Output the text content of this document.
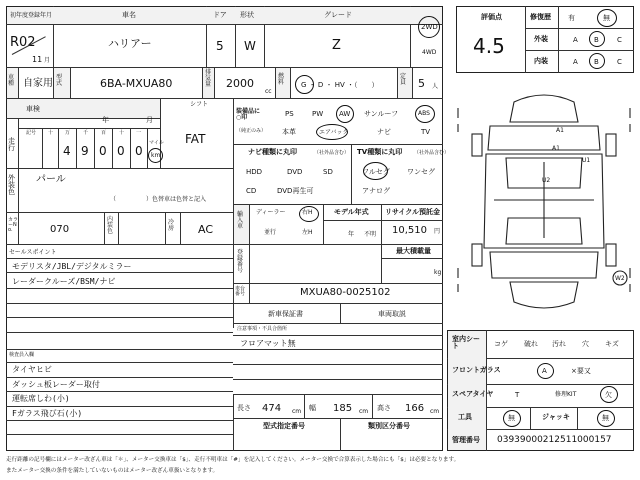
初年度登録年月	車名	ドア 形状	グレード
R02
11 月
ハリアー	5 W	Z
2WD
4WD
車種 自家用
型式	6BA-MXUA80
排気量 2000
cc
燃料 G ・ D ・ HV ・（　　）
定員 5 人
車検
年	月
シフト
FAT
記号 十 万	千	百	十 一
4 9 0 0 0
マイル
km
走行
外装色
パール
（　　　　　）色替車は色替と記入
カラーNo.	070
内装色
冷房 AC
装備品に○印
（純正のみ）
PS	PW AW サンルーフ	ABS
本革	エアバック	ナビ	TV
ナビ種類に丸印	（社外品含む）
HDD	DVD	SD
CD	DVD再生可
TV種類に丸印 （社外品含む）
フルセグ ワンセグ
アナログ
輸入車
ディーラー	右H
並行	左H
モデル年式
年 不明
リサイクル預託金
10,510 円
登録番号
最大積載量
kg
セールスポイント
モデリスタ/JBL/デジタルミラー
レーダークルーズ/BSM/ナビ
車台番号	MXUA80-0025102
新車保証書	車両取説
注意事項・不具合箇所
フロアマット無
検査員入欄
タイヤヒビ
ダッシュ板レーダー取付
運転席しわ(小)
Fガラス飛び石(小)
長さ 474 cm 幅 185 cm 高さ 166 cm
型式指定番号	類別区分番号
評価点
4.5
修復歴 有	無
外装	A B	C
内装	A B	C
A1
A1
U1
U2
W2
室内シート	コゲ 破れ 汚れ 穴 キズ
フロントガラス	A	×要又
スペアタイヤ	T	修理KIT	欠
工具	無	ジャッキ	無
管理番号 03939000212511000157
走行距離の記号欄にはメーター改ざん車は「＊」、メーター交換車は「$」、走行不明車は「#」を記入してください。メーター交換で合算表示した場合にも「$」は必要となります。
またメーター交換の条件を満たしていないものはメーター改ざん車扱いとなります。
